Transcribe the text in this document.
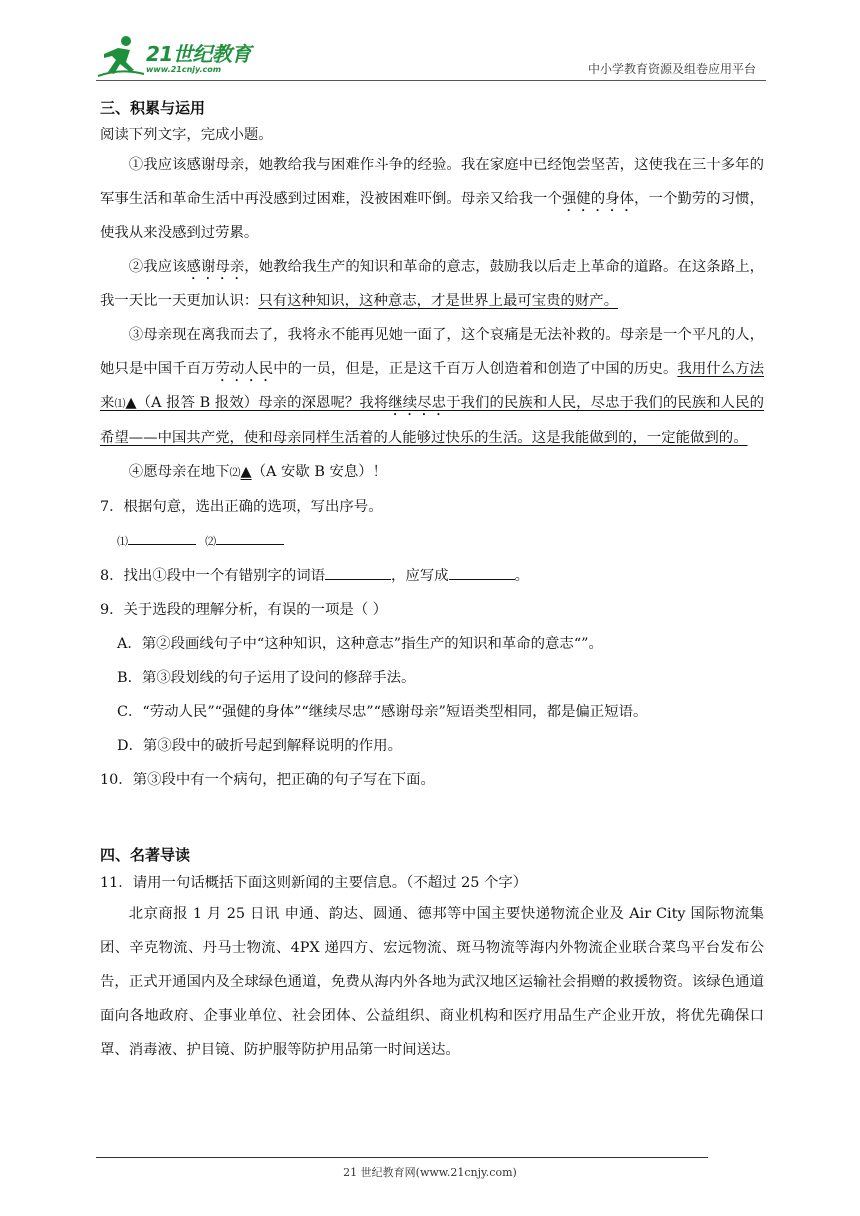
21世纪教育
www.21cnjy.com	中小学教育资源及组卷应用平台

三、积累与运用

阅读下列文字，完成小题。

①我应该感谢母亲，她教给我与困难作斗争的经验。我在家庭中已经饱尝坚苦，这使我在三十多年的军事生活和革命生活中再没感到过困难，没被困难吓倒。母亲又给我一个强健的身体，一个勤劳的习惯，使我从来没感到过劳累。

②我应该感谢母亲，她教给我生产的知识和革命的意志，鼓励我以后走上革命的道路。在这条路上，我一天比一天更加认识：只有这种知识，这种意志，才是世界上最可宝贵的财产。

③母亲现在离我而去了，我将永不能再见她一面了，这个哀痛是无法补救的。母亲是一个平凡的人，她只是中国千百万劳动人民中的一员，但是，正是这千百万人创造着和创造了中国的历史。我用什么方法来⑴▲（A 报答 B 报效）母亲的深恩呢？我将继续尽忠于我们的民族和人民，尽忠于我们的民族和人民的希望——中国共产党，使和母亲同样生活着的人能够过快乐的生活。这是我能做到的，一定能做到的。

④愿母亲在地下⑵▲（A 安歇 B 安息）！

7．根据句意，选出正确的选项，写出序号。

⑴	⑵

8．找出①段中一个有错别字的词语	，应写成	。

9．关于选段的理解分析，有误的一项是（ ）

A．第②段画线句子中“这种知识，这种意志”指生产的知识和革命的意志“”。

B．第③段划线的句子运用了设问的修辞手法。

C．“劳动人民”“强健的身体”“继续尽忠”“感谢母亲”短语类型相同，都是偏正短语。

D．第③段中的破折号起到解释说明的作用。

10．第③段中有一个病句，把正确的句子写在下面。

四、名著导读

11．请用一句话概括下面这则新闻的主要信息。（不超过 25 个字）

北京商报 1 月 25 日讯 申通、韵达、圆通、德邦等中国主要快递物流企业及 Air City 国际物流集团、辛克物流、丹马士物流、4PX 递四方、宏远物流、斑马物流等海内外物流企业联合菜鸟平台发布公告，正式开通国内及全球绿色通道，免费从海内外各地为武汉地区运输社会捐赠的救援物资。该绿色通道面向各地政府、企事业单位、社会团体、公益组织、商业机构和医疗用品生产企业开放，将优先确保口罩、消毒液、护目镜、防护服等防护用品第一时间送达。

21 世纪教育网(www.21cnjy.com)
